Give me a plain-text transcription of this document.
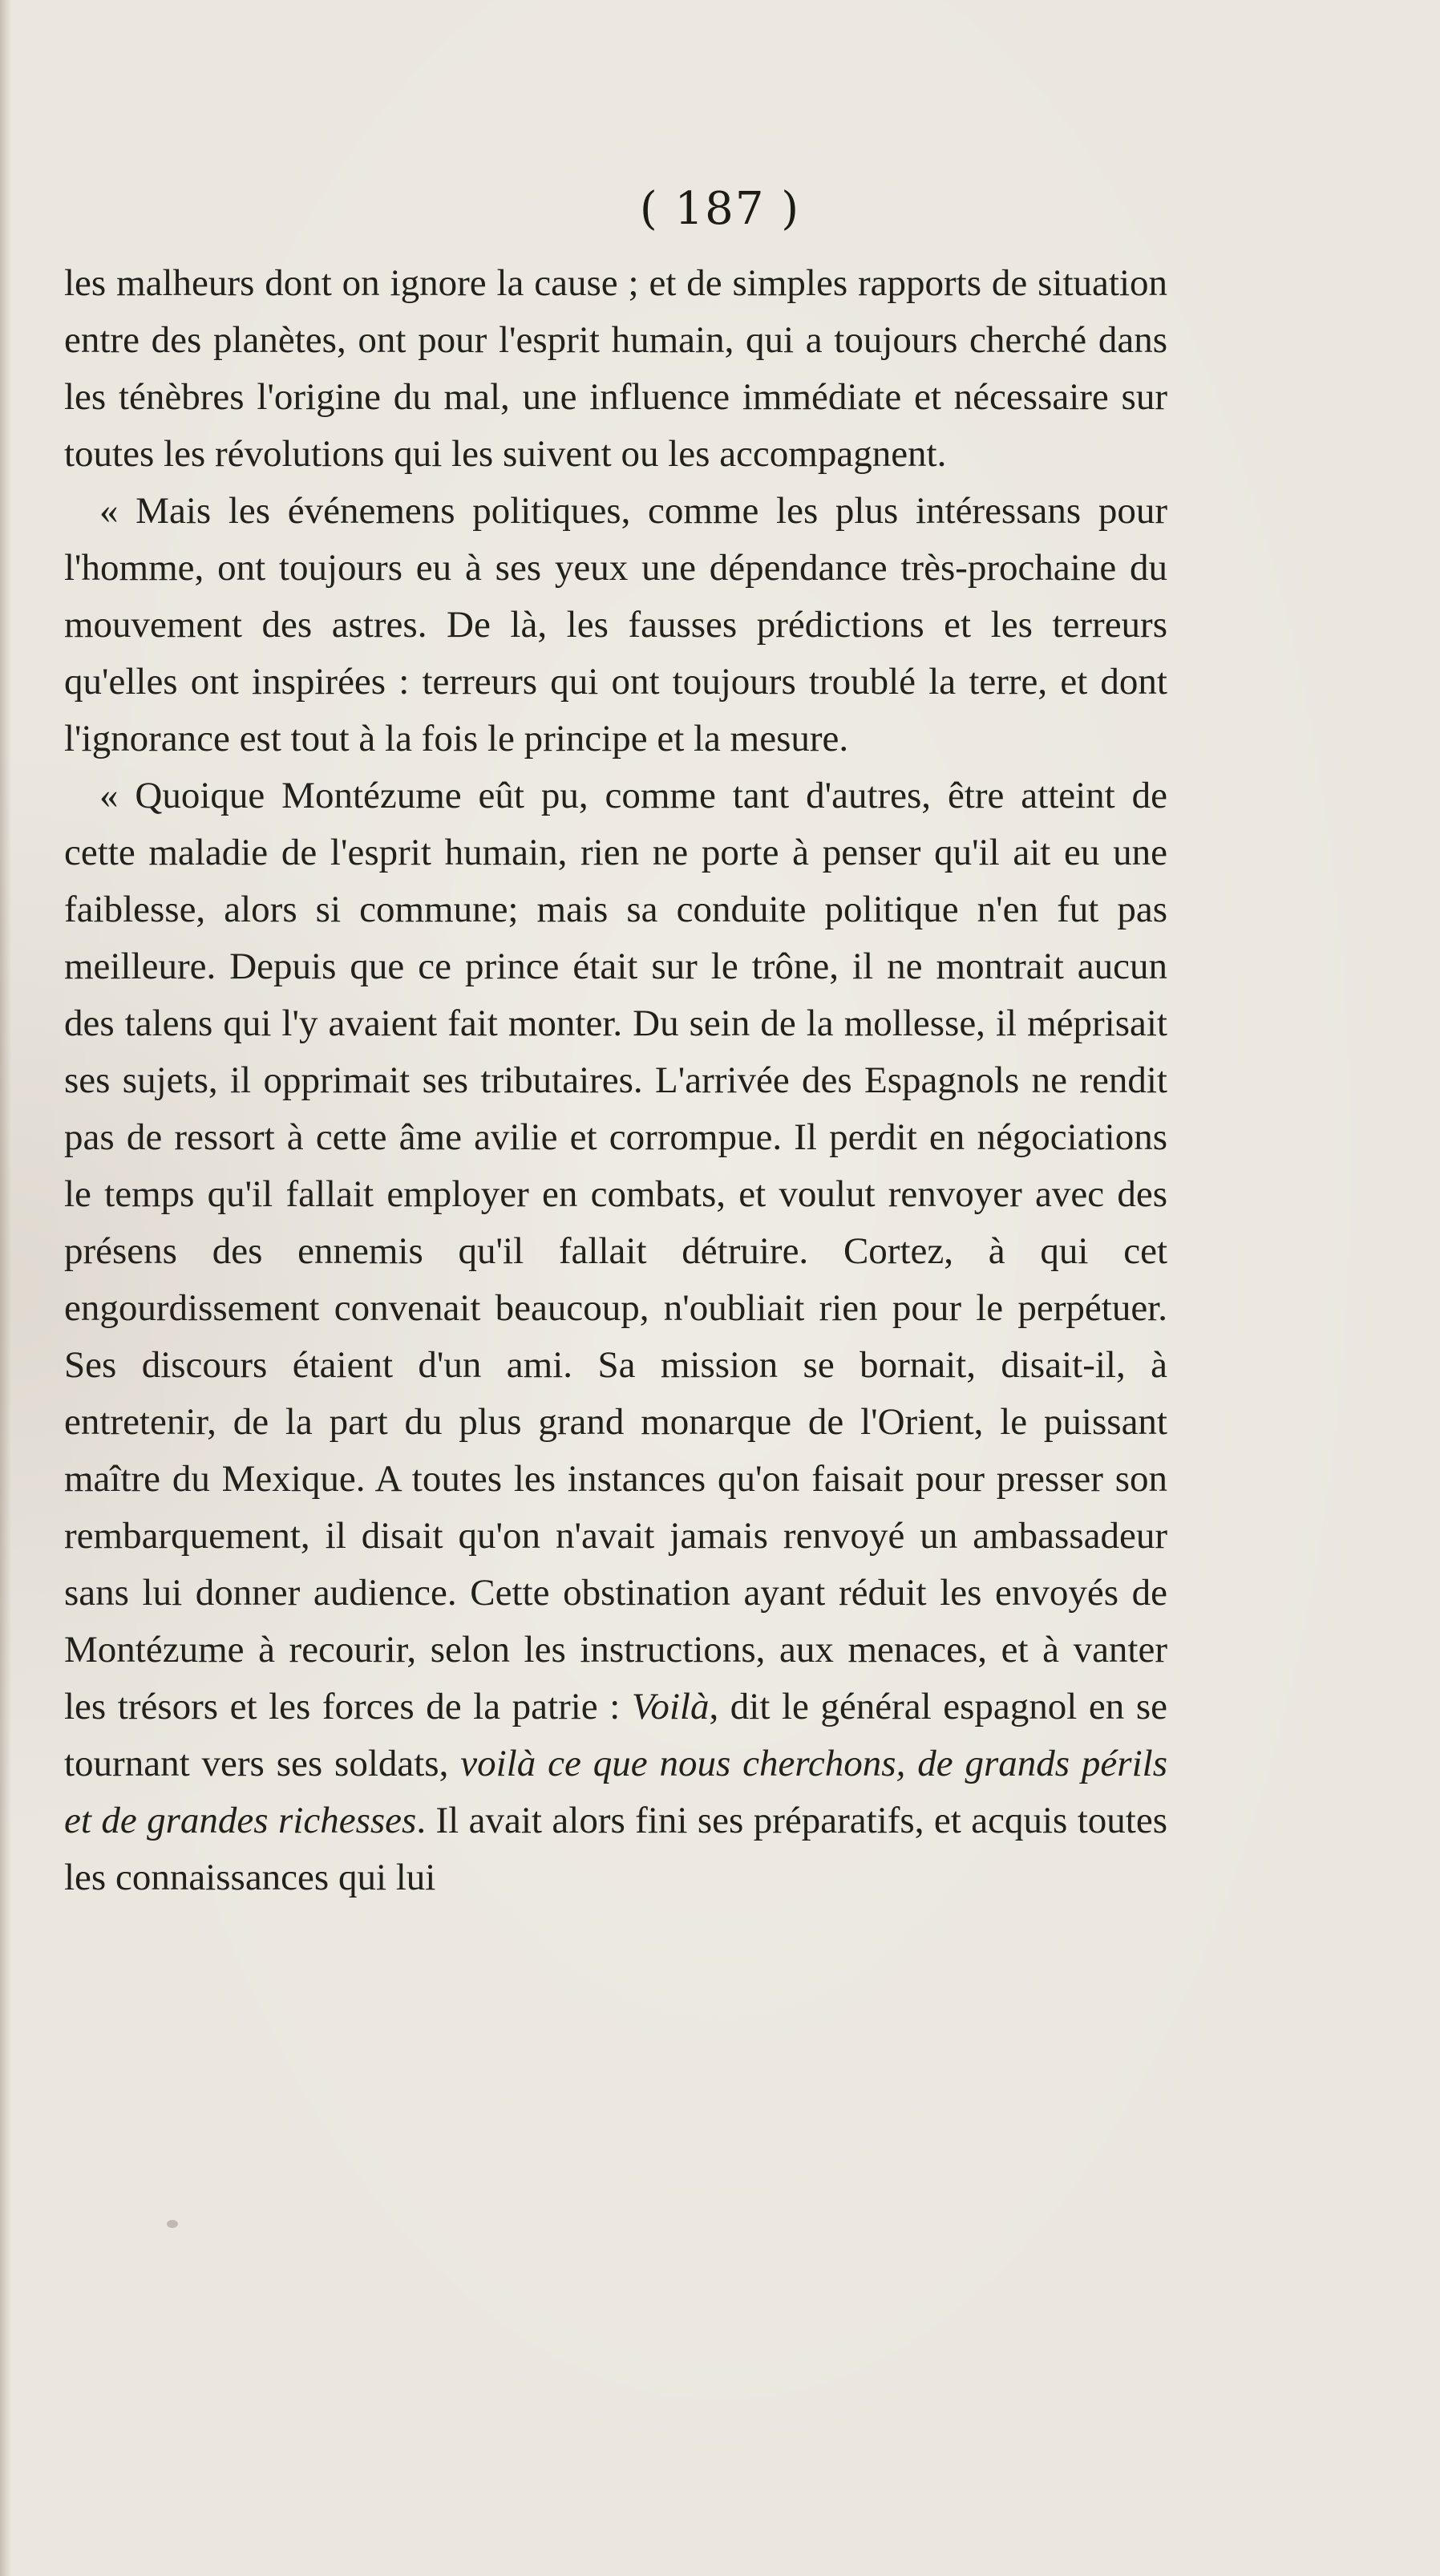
( 187 )

les malheurs dont on ignore la cause ; et de simples rapports de situation entre des planètes, ont pour l'esprit humain, qui a toujours cherché dans les ténèbres l'origine du mal, une influence immédiate et nécessaire sur toutes les révolutions qui les suivent ou les accompagnent.

« Mais les événemens politiques, comme les plus intéressans pour l'homme, ont toujours eu à ses yeux une dépendance très-prochaine du mouvement des astres. De là, les fausses prédictions et les terreurs qu'elles ont inspirées : terreurs qui ont toujours troublé la terre, et dont l'ignorance est tout à la fois le principe et la mesure.

« Quoique Montézume eût pu, comme tant d'autres, être atteint de cette maladie de l'esprit humain, rien ne porte à penser qu'il ait eu une faiblesse, alors si commune; mais sa conduite politique n'en fut pas meilleure. Depuis que ce prince était sur le trône, il ne montrait aucun des talens qui l'y avaient fait monter. Du sein de la mollesse, il méprisait ses sujets, il opprimait ses tributaires. L'arrivée des Espagnols ne rendit pas de ressort à cette âme avilie et corrompue. Il perdit en négociations le temps qu'il fallait employer en combats, et voulut renvoyer avec des présens des ennemis qu'il fallait détruire. Cortez, à qui cet engourdissement convenait beaucoup, n'oubliait rien pour le perpétuer. Ses discours étaient d'un ami. Sa mission se bornait, disait-il, à entretenir, de la part du plus grand monarque de l'Orient, le puissant maître du Mexique. A toutes les instances qu'on faisait pour presser son rembarquement, il disait qu'on n'avait jamais renvoyé un ambassadeur sans lui donner audience. Cette obstination ayant réduit les envoyés de Montézume à recourir, selon les instructions, aux menaces, et à vanter les trésors et les forces de la patrie : Voilà, dit le général espagnol en se tournant vers ses soldats, voilà ce que nous cherchons, de grands périls et de grandes richesses. Il avait alors fini ses préparatifs, et acquis toutes les connaissances qui lui
